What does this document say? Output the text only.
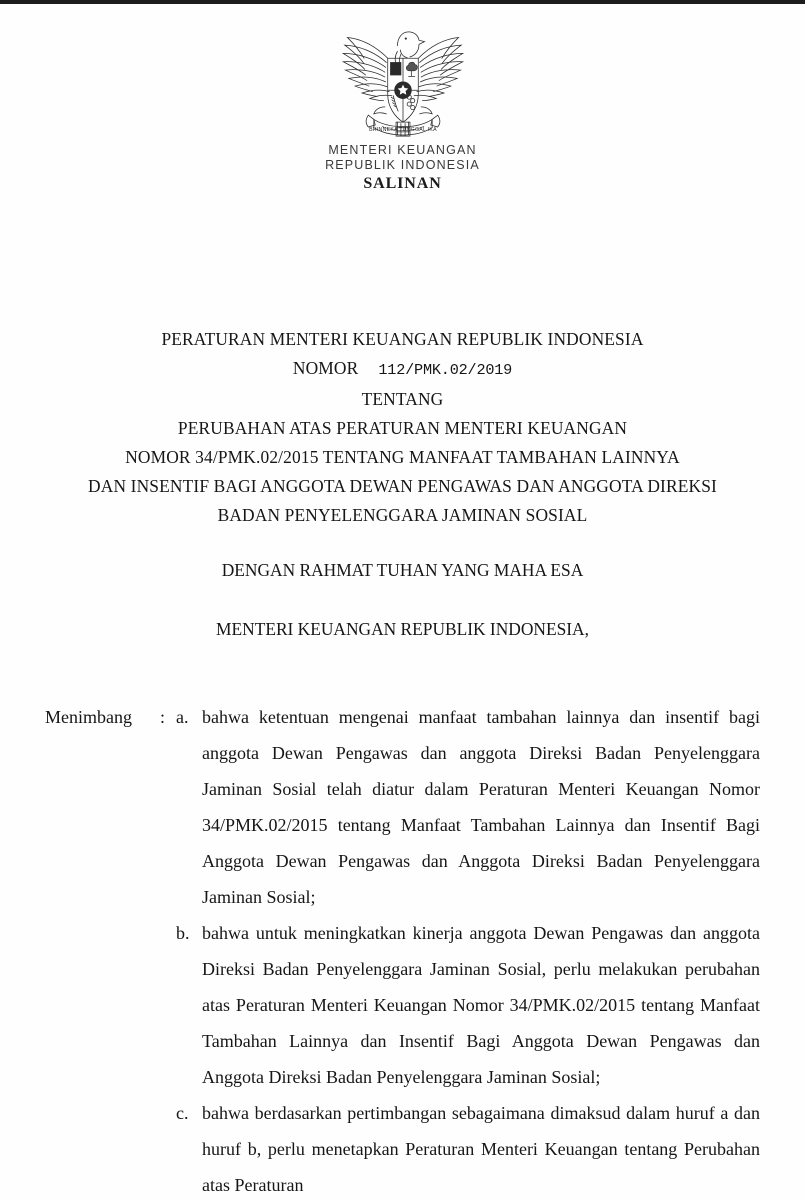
BHINNEKA TUNGGAL IKA
MENTERI KEUANGAN
REPUBLIK INDONESIA
SALINAN
PERATURAN MENTERI KEUANGAN REPUBLIK INDONESIA
NOMOR 112/PMK.02/2019
TENTANG
PERUBAHAN ATAS PERATURAN MENTERI KEUANGAN
NOMOR 34/PMK.02/2015 TENTANG MANFAAT TAMBAHAN LAINNYA
DAN INSENTIF BAGI ANGGOTA DEWAN PENGAWAS DAN ANGGOTA DIREKSI
BADAN PENYELENGGARA JAMINAN SOSIAL
DENGAN RAHMAT TUHAN YANG MAHA ESA
MENTERI KEUANGAN REPUBLIK INDONESIA,
Menimbang	: a. bahwa ketentuan mengenai manfaat tambahan lainnya dan insentif bagi anggota Dewan Pengawas dan anggota Direksi Badan Penyelenggara Jaminan Sosial telah diatur dalam Peraturan Menteri Keuangan Nomor 34/PMK.02/2015 tentang Manfaat Tambahan Lainnya dan Insentif Bagi Anggota Dewan Pengawas dan Anggota Direksi Badan Penyelenggara Jaminan Sosial;
b. bahwa untuk meningkatkan kinerja anggota Dewan Pengawas dan anggota Direksi Badan Penyelenggara Jaminan Sosial, perlu melakukan perubahan atas Peraturan Menteri Keuangan Nomor 34/PMK.02/2015 tentang Manfaat Tambahan Lainnya dan Insentif Bagi Anggota Dewan Pengawas dan Anggota Direksi Badan Penyelenggara Jaminan Sosial;
c. bahwa berdasarkan pertimbangan sebagaimana dimaksud dalam huruf a dan huruf b, perlu menetapkan Peraturan Menteri Keuangan tentang Perubahan atas Peraturan
